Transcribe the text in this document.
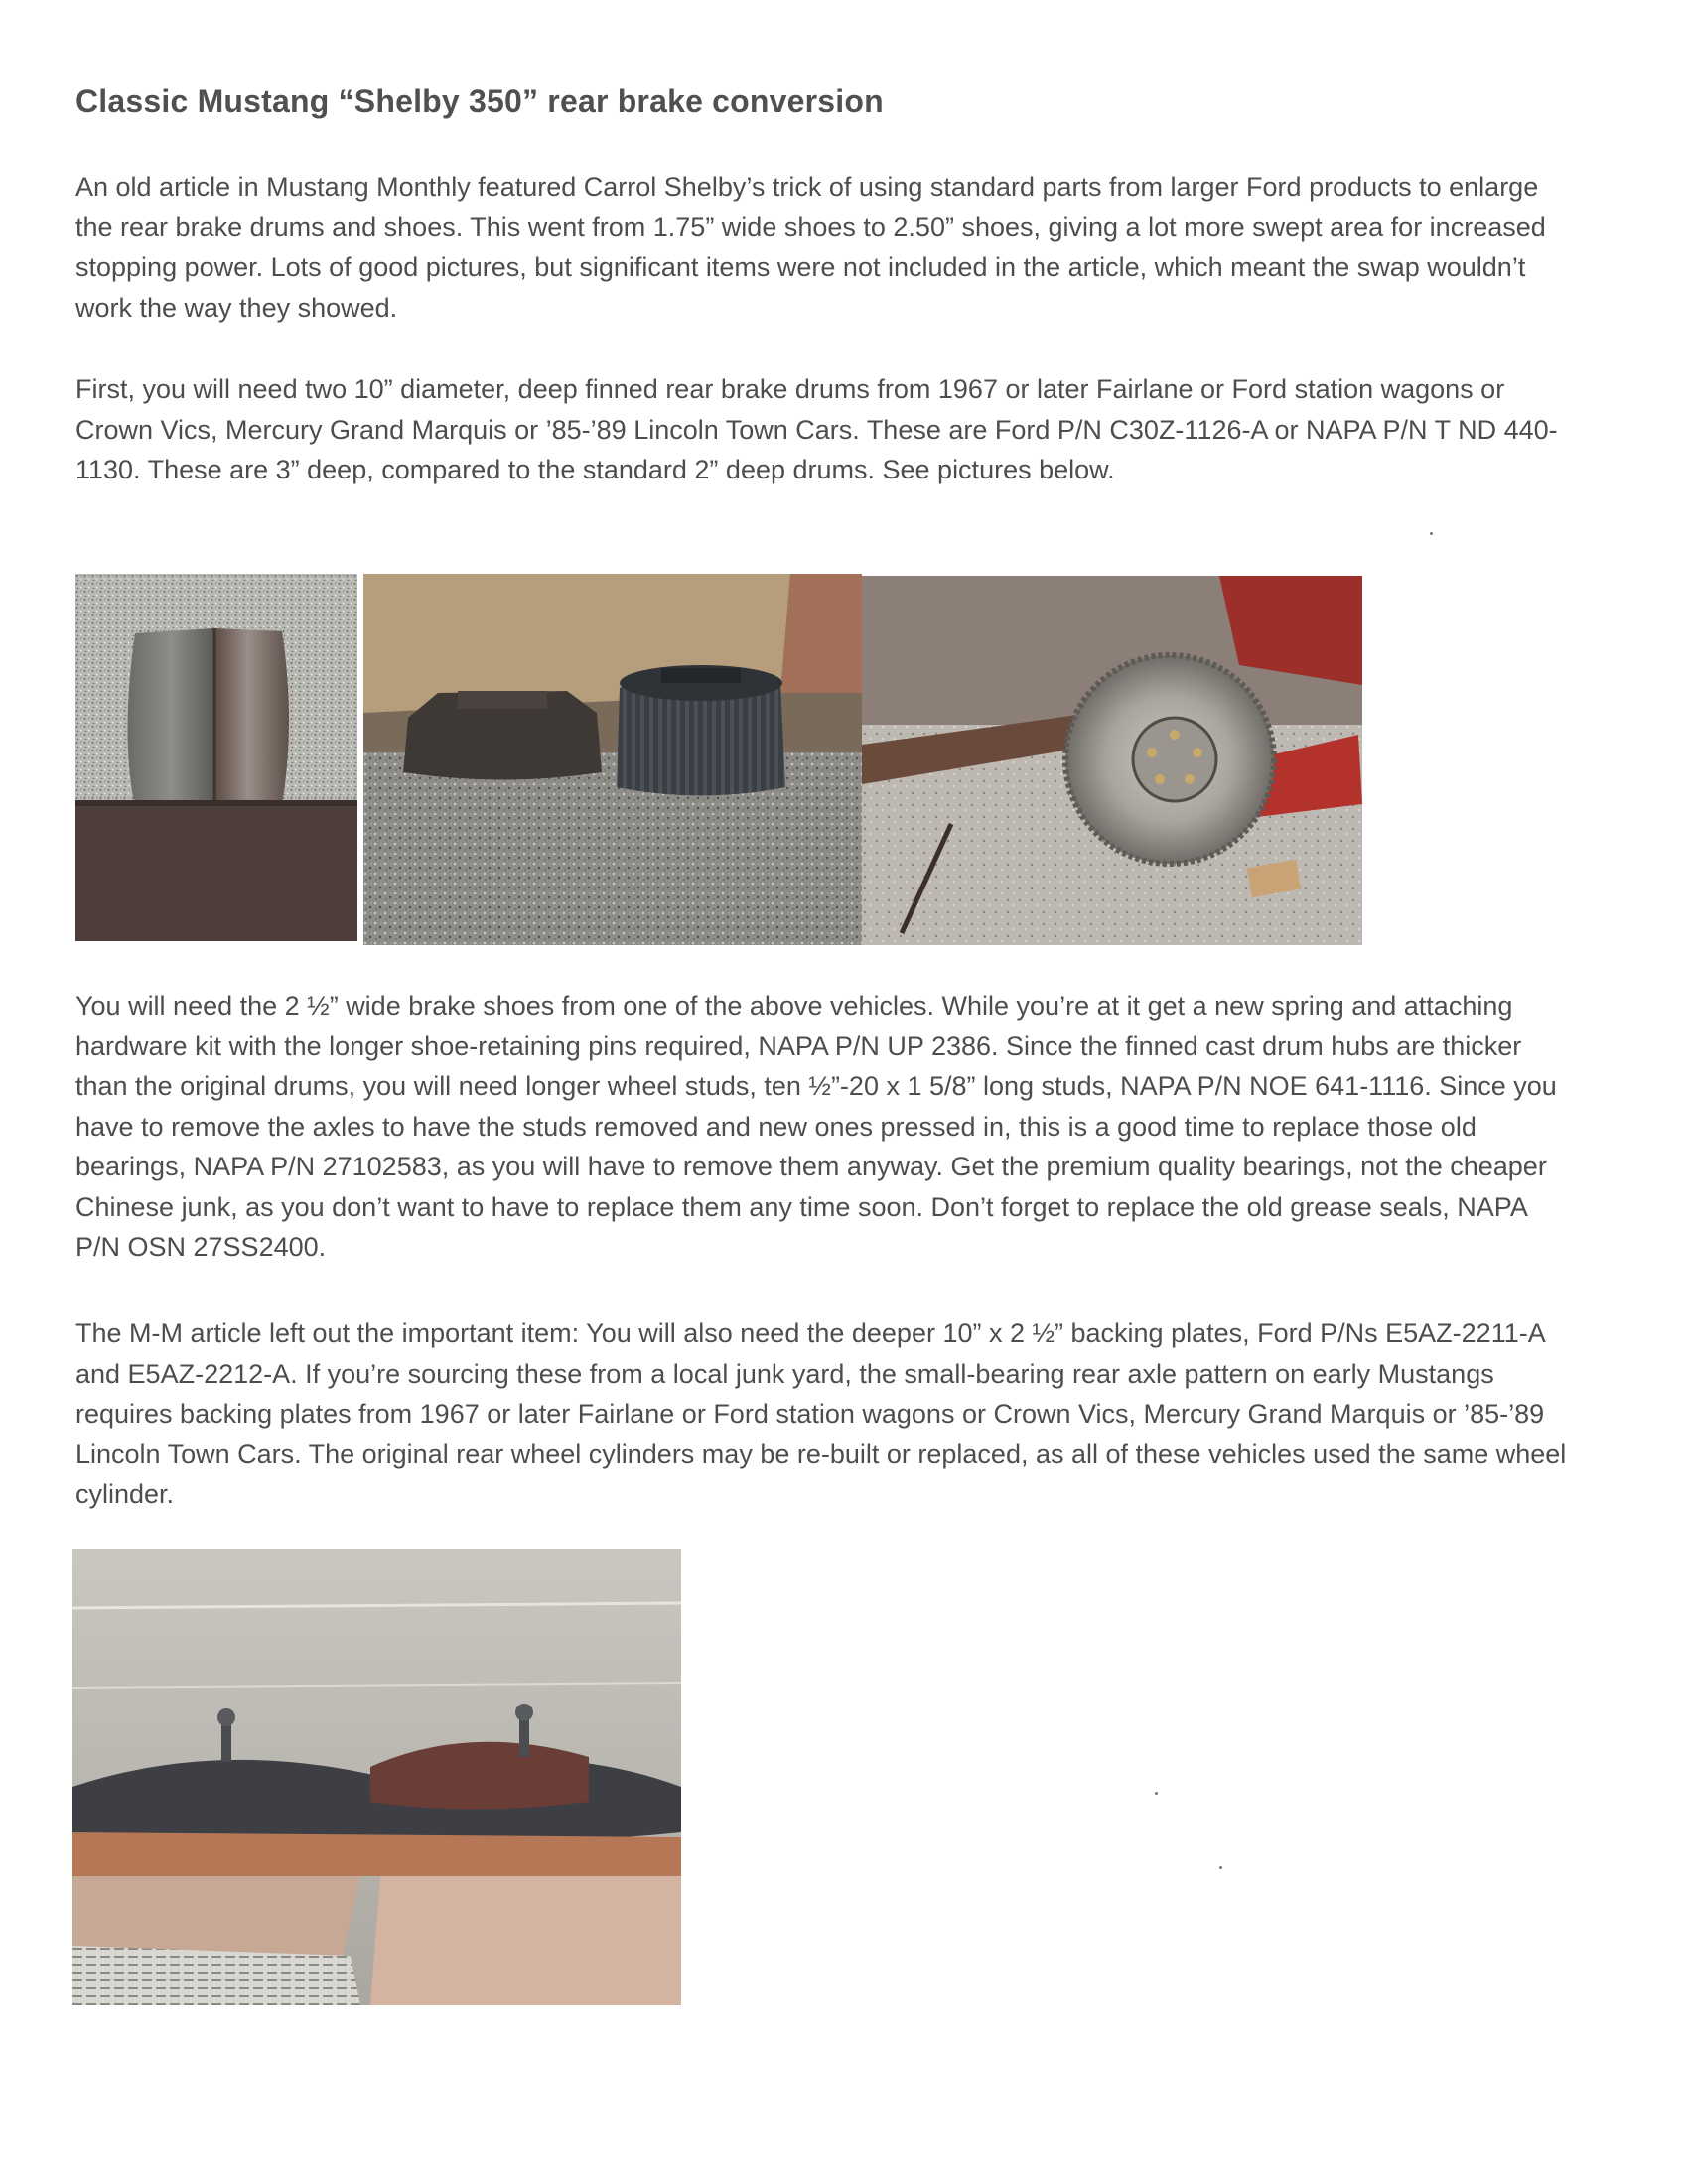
Classic Mustang “Shelby 350” rear brake conversion

An old article in Mustang Monthly featured Carrol Shelby’s trick of using standard parts from larger Ford products to enlarge the rear brake drums and shoes. This went from 1.75” wide shoes to 2.50” shoes, giving a lot more swept area for increased stopping power. Lots of good pictures, but significant items were not included in the article, which meant the swap wouldn’t work the way they showed.

First, you will need two 10” diameter, deep finned rear brake drums from 1967 or later Fairlane or Ford station wagons or Crown Vics, Mercury Grand Marquis or ’85-’89 Lincoln Town Cars. These are Ford P/N C30Z-1126-A or NAPA P/N T ND 440-1130. These are 3” deep, compared to the standard 2” deep drums. See pictures below.

You will need the 2 ½” wide brake shoes from one of the above vehicles. While you’re at it get a new spring and attaching hardware kit with the longer shoe-retaining pins required, NAPA P/N UP 2386. Since the finned cast drum hubs are thicker than the original drums, you will need longer wheel studs, ten ½”-20 x 1 5/8” long studs, NAPA P/N NOE 641-1116. Since you have to remove the axles to have the studs removed and new ones pressed in, this is a good time to replace those old bearings, NAPA P/N 27102583, as you will have to remove them anyway. Get the premium quality bearings, not the cheaper Chinese junk, as you don’t want to have to replace them any time soon. Don’t forget to replace the old grease seals, NAPA P/N OSN 27SS2400.

The M-M article left out the important item: You will also need the deeper 10” x 2 ½” backing plates, Ford P/Ns E5AZ-2211-A and E5AZ-2212-A. If you’re sourcing these from a local junk yard, the small-bearing rear axle pattern on early Mustangs requires backing plates from 1967 or later Fairlane or Ford station wagons or Crown Vics, Mercury Grand Marquis or ’85-’89 Lincoln Town Cars. The original rear wheel cylinders may be re-built or replaced, as all of these vehicles used the same wheel cylinder.
